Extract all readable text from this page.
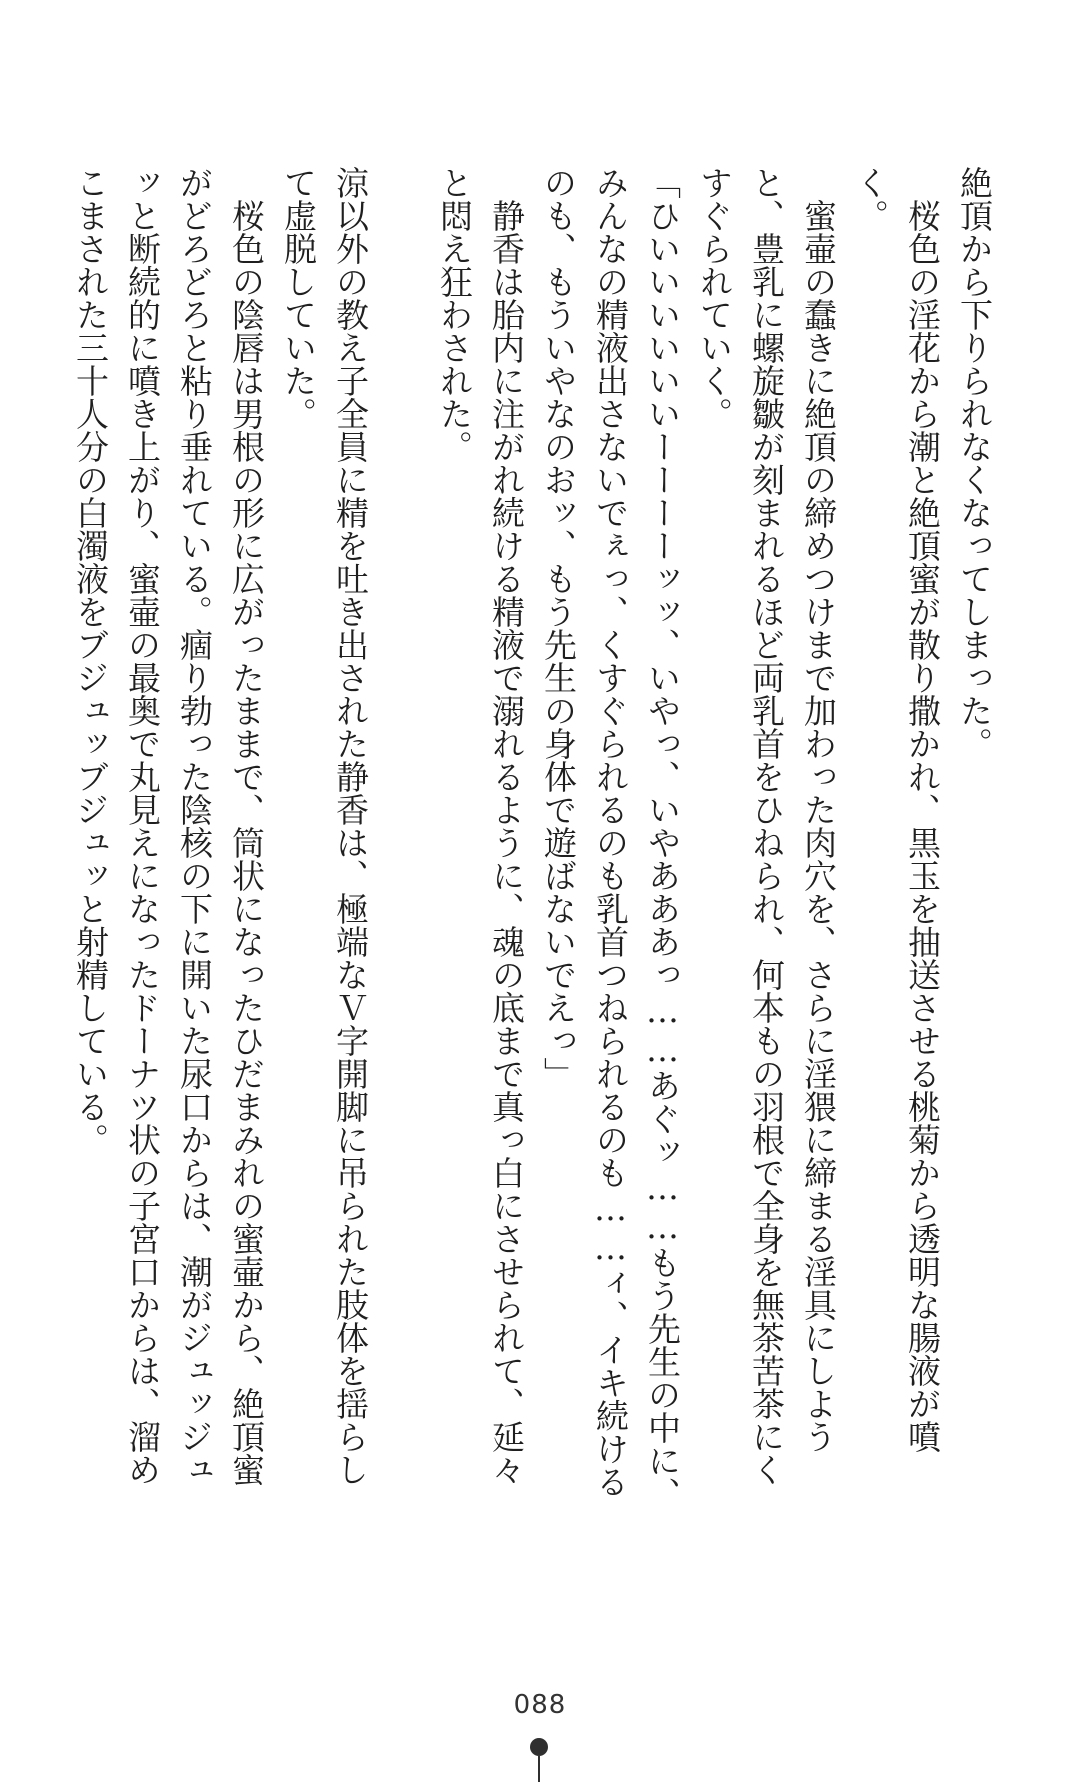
絶頂から下りられなくなってしまった。

桜色の淫花から潮と絶頂蜜が散り撒かれ、黒玉を抽送させる桃菊から透明な腸液が噴く。

蜜壷の蠢きに絶頂の締めつけまで加わった肉穴を、さらに淫猥に締まる淫具にしようと、豊乳に螺旋皺が刻まれるほど両乳首をひねられ、何本もの羽根で全身を無茶苦茶にくすぐられていく。

「ひいいいいいいーーーーッッ、いやっ、いやあああっ……あぐッ……もう先生の中に、みんなの精液出さないでぇっ、くすぐられるのも乳首つねられるのも……ィ、イキ続けるのも、もういやなのおッ、もう先生の身体で遊ばないでえっ」

静香は胎内に注がれ続ける精液で溺れるように、魂の底まで真っ白にさせられて、延々と悶え狂わされた。

涼以外の教え子全員に精を吐き出された静香は、極端なＶ字開脚に吊られた肢体を揺らして虚脱していた。

桜色の陰唇は男根の形に広がったままで、筒状になったひだまみれの蜜壷から、絶頂蜜がどろどろと粘り垂れている。痼り勃った陰核の下に開いた尿口からは、潮がジュッジュッと断続的に噴き上がり、蜜壷の最奥で丸見えになったドーナツ状の子宮口からは、溜めこまされた三十人分の白濁液をブジュッブジュッと射精している。

088
